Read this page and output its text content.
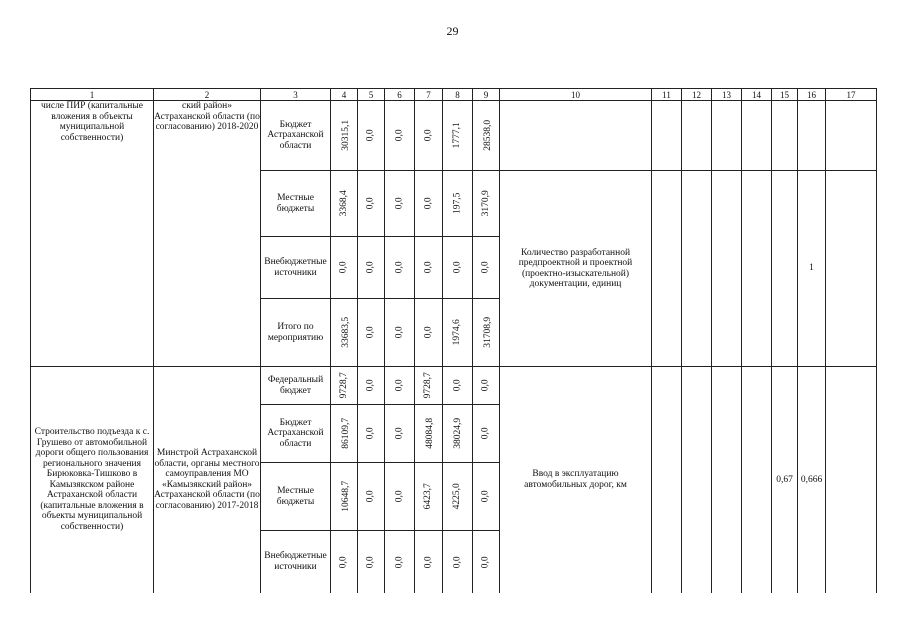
29
1	2	3	4	5	6	7	8	9	10	11	12	13	14	15	16	17
числе ПИР (капитальные вложения в объекты муниципальной собственности)	ский район» Астраханской области (по согласованию) 2018-2020	Бюджет Астраханской области	30315,1	0,0	0,0	0,0	1777,1	28538,0								
		Местные бюджеты	3368,4	0,0	0,0	0,0	197,5	3170,9	Количество разработанной предпроектной и проектной (проектно-изыскательной) документации, единиц						1	
		Внебюджетные источники	0,0	0,0	0,0	0,0	0,0	0,0								
		Итого по мероприятию	33683,5	0,0	0,0	0,0	1974,6	31708,9								
Строительство подъезда к с. Грушево от автомобильной дороги общего пользования регионального значения Бирюковка-Тишково в Камызякском районе Астраханской области (капитальные вложения в объекты муниципальной собственности)	Минстрой Астраханской области, органы местного самоуправления МО «Камызякский район» Астраханской области (по согласованию) 2017-2018	Федеральный бюджет	9728,7	0,0	0,0	9728,7	0,0	0,0	Ввод в эксплуатацию автомобильных дорог, км					0,67	0,666	
		Бюджет Астраханской области	86109,7	0,0	0,0	48084,8	38024,9	0,0								
		Местные бюджеты	10648,7	0,0	0,0	6423,7	4225,0	0,0								
		Внебюджетные источники	0,0	0,0	0,0	0,0	0,0	0,0								
